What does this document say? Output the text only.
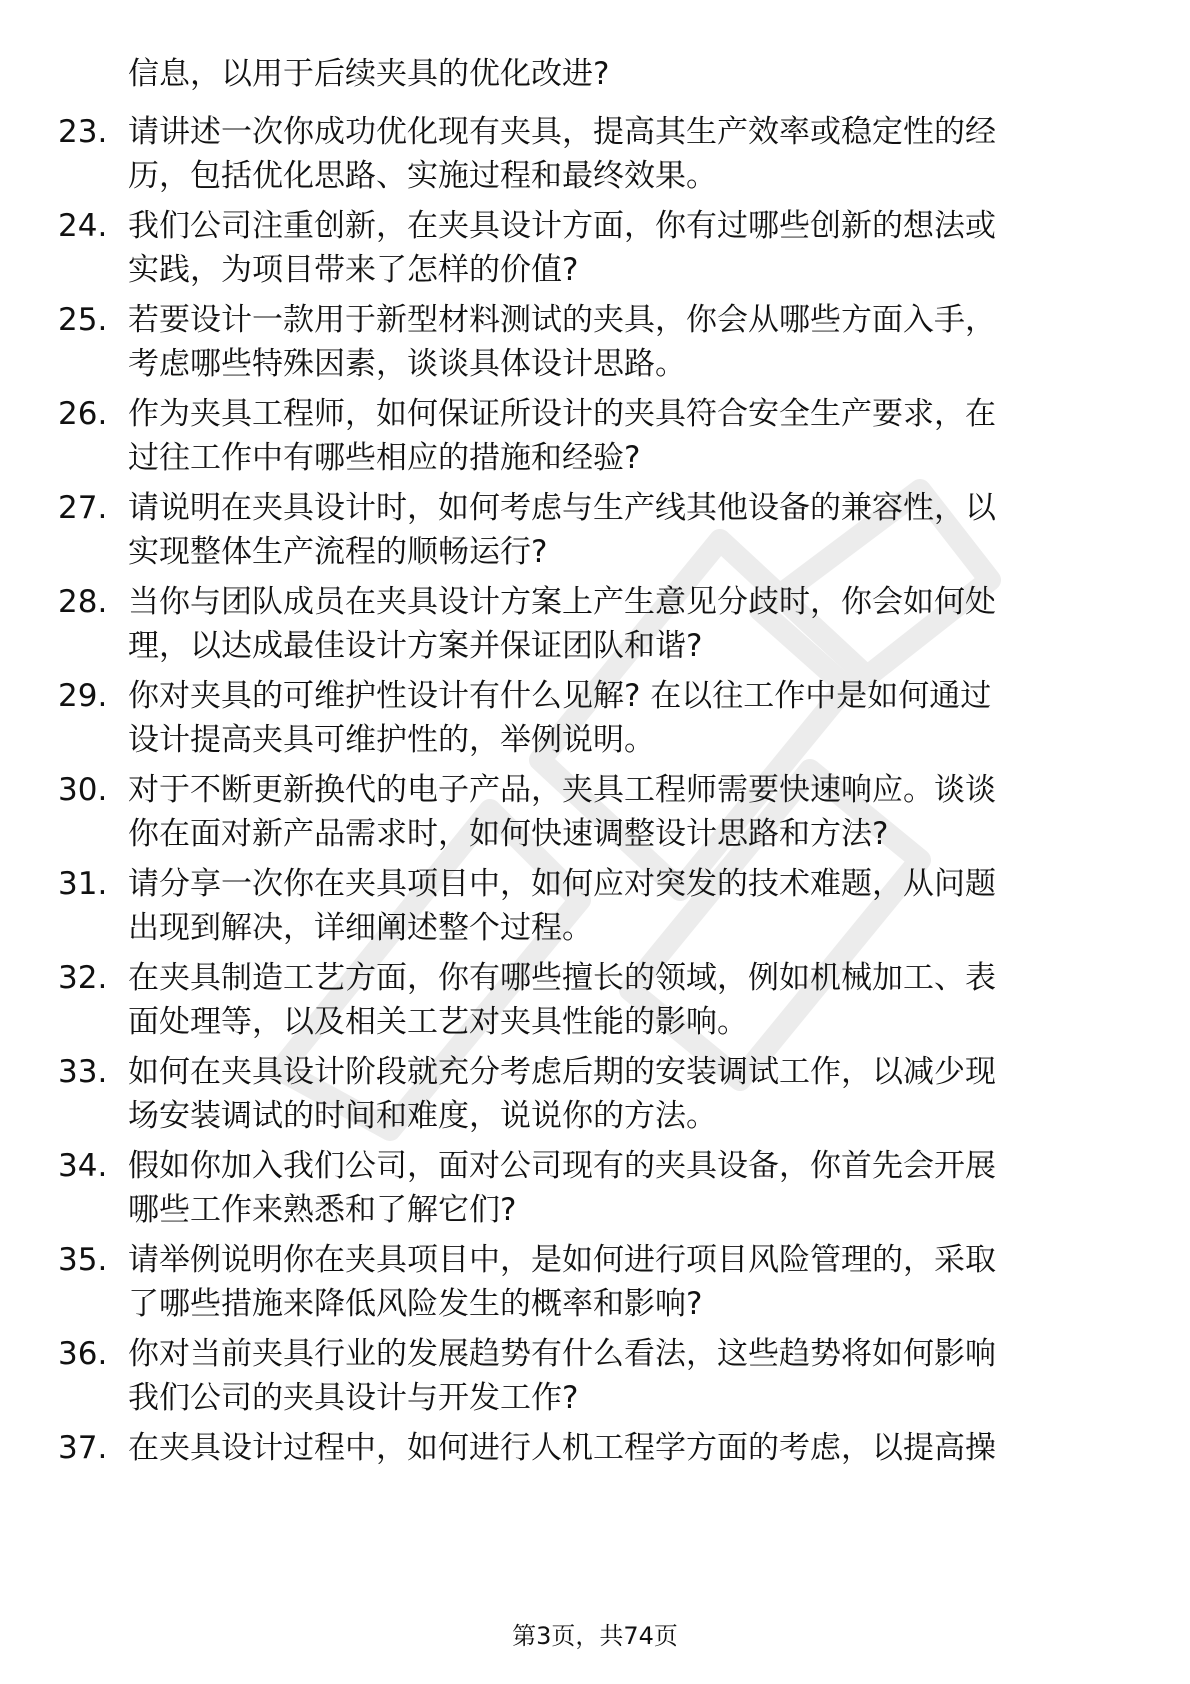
信息，以用于后续夹具的优化改进?
23. 请讲述一次你成功优化现有夹具，提高其生产效率或稳定性的经
历，包括优化思路、实施过程和最终效果。
24. 我们公司注重创新，在夹具设计方面，你有过哪些创新的想法或
实践，为项目带来了怎样的价值?
25. 若要设计一款用于新型材料测试的夹具，你会从哪些方面入手，
考虑哪些特殊因素，谈谈具体设计思路。
26. 作为夹具工程师，如何保证所设计的夹具符合安全生产要求，在
过往工作中有哪些相应的措施和经验?
27. 请说明在夹具设计时，如何考虑与生产线其他设备的兼容性，以
实现整体生产流程的顺畅运行?
28. 当你与团队成员在夹具设计方案上产生意见分歧时，你会如何处
理，以达成最佳设计方案并保证团队和谐?
29. 你对夹具的可维护性设计有什么见解? 在以往工作中是如何通过
设计提高夹具可维护性的，举例说明。
30. 对于不断更新换代的电子产品，夹具工程师需要快速响应。谈谈
你在面对新产品需求时，如何快速调整设计思路和方法?
31. 请分享一次你在夹具项目中，如何应对突发的技术难题，从问题
出现到解决，详细阐述整个过程。
32. 在夹具制造工艺方面，你有哪些擅长的领域，例如机械加工、表
面处理等，以及相关工艺对夹具性能的影响。
33. 如何在夹具设计阶段就充分考虑后期的安装调试工作，以减少现
场安装调试的时间和难度，说说你的方法。
34. 假如你加入我们公司，面对公司现有的夹具设备，你首先会开展
哪些工作来熟悉和了解它们?
35. 请举例说明你在夹具项目中，是如何进行项目风险管理的，采取
了哪些措施来降低风险发生的概率和影响?
36. 你对当前夹具行业的发展趋势有什么看法，这些趋势将如何影响
我们公司的夹具设计与开发工作?
37. 在夹具设计过程中，如何进行人机工程学方面的考虑，以提高操
第3页，共74页
